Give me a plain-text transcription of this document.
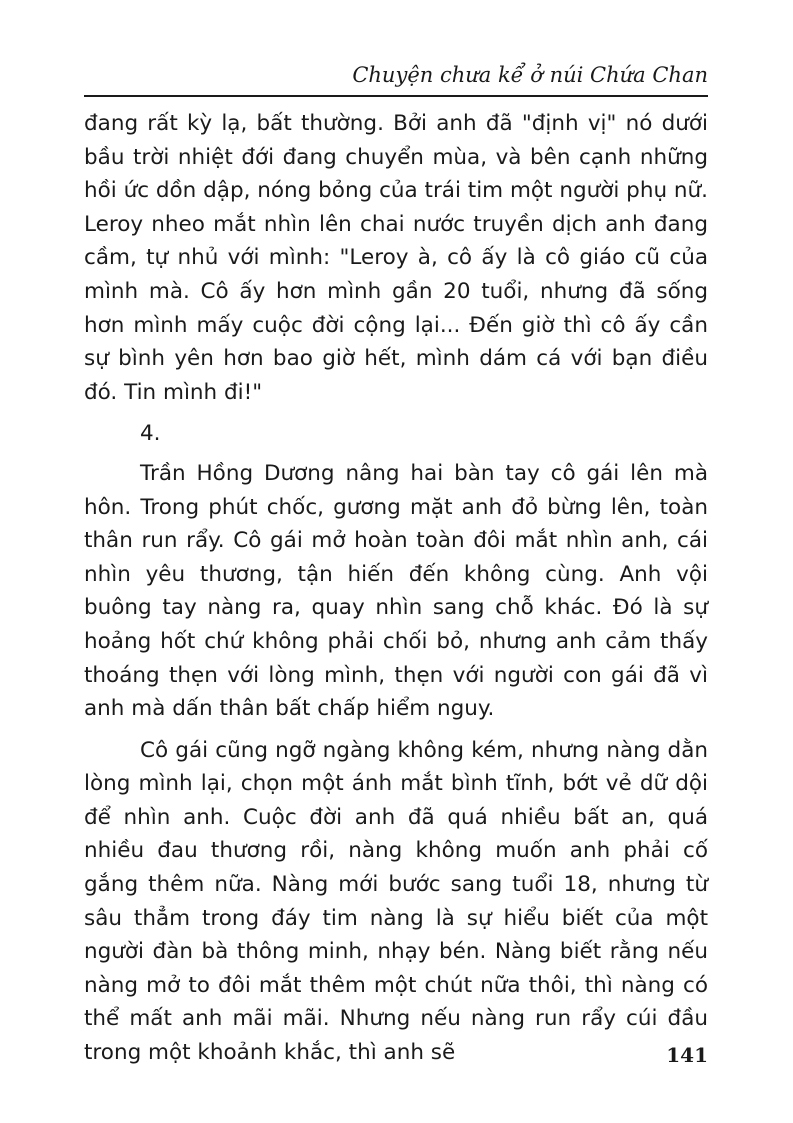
Chuyện chưa kể ở núi Chứa Chan

đang rất kỳ lạ, bất thường. Bởi anh đã "định vị" nó dưới bầu trời nhiệt đới đang chuyển mùa, và bên cạnh những hồi ức dồn dập, nóng bỏng của trái tim một người phụ nữ. Leroy nheo mắt nhìn lên chai nước truyền dịch anh đang cầm, tự nhủ với mình: "Leroy à, cô ấy là cô giáo cũ của mình mà. Cô ấy hơn mình gần 20 tuổi, nhưng đã sống hơn mình mấy cuộc đời cộng lại... Đến giờ thì cô ấy cần sự bình yên hơn bao giờ hết, mình dám cá với bạn điều đó. Tin mình đi!"

4.

Trần Hồng Dương nâng hai bàn tay cô gái lên mà hôn. Trong phút chốc, gương mặt anh đỏ bừng lên, toàn thân run rẩy. Cô gái mở hoàn toàn đôi mắt nhìn anh, cái nhìn yêu thương, tận hiến đến không cùng. Anh vội buông tay nàng ra, quay nhìn sang chỗ khác. Đó là sự hoảng hốt chứ không phải chối bỏ, nhưng anh cảm thấy thoáng thẹn với lòng mình, thẹn với người con gái đã vì anh mà dấn thân bất chấp hiểm nguy.

Cô gái cũng ngỡ ngàng không kém, nhưng nàng dằn lòng mình lại, chọn một ánh mắt bình tĩnh, bớt vẻ dữ dội để nhìn anh. Cuộc đời anh đã quá nhiều bất an, quá nhiều đau thương rồi, nàng không muốn anh phải cố gắng thêm nữa. Nàng mới bước sang tuổi 18, nhưng từ sâu thẳm trong đáy tim nàng là sự hiểu biết của một người đàn bà thông minh, nhạy bén. Nàng biết rằng nếu nàng mở to đôi mắt thêm một chút nữa thôi, thì nàng có thể mất anh mãi mãi. Nhưng nếu nàng run rẩy cúi đầu trong một khoảnh khắc, thì anh sẽ	141
